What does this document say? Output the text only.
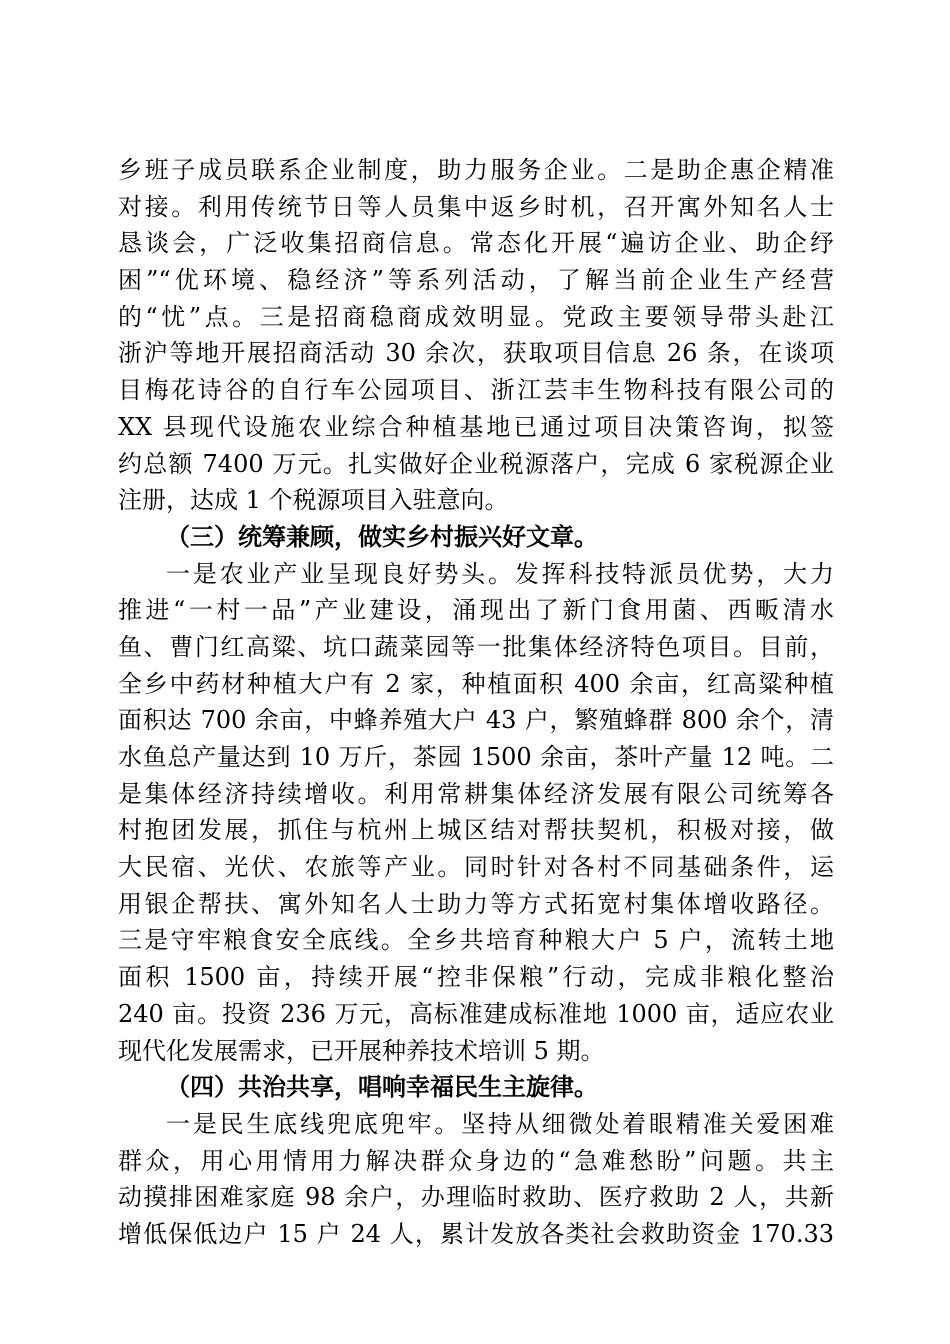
乡班子成员联系企业制度，助力服务企业。二是助企惠企精准
对接。利用传统节日等人员集中返乡时机，召开寓外知名人士
恳谈会，广泛收集招商信息。常态化开展“遍访企业、助企纾
困”“优环境、稳经济”等系列活动，了解当前企业生产经营
的“忧”点。三是招商稳商成效明显。党政主要领导带头赴江
浙沪等地开展招商活动 30 余次，获取项目信息 26 条，在谈项
目梅花诗谷的自行车公园项目、浙江芸丰生物科技有限公司的
XX 县现代设施农业综合种植基地已通过项目决策咨询，拟签
约总额 7400 万元。扎实做好企业税源落户，完成 6 家税源企业
注册，达成 1 个税源项目入驻意向。
（三）统筹兼顾，做实乡村振兴好文章。
一是农业产业呈现良好势头。发挥科技特派员优势，大力
推进“一村一品”产业建设，涌现出了新门食用菌、西畈清水
鱼、曹门红高粱、坑口蔬菜园等一批集体经济特色项目。目前，
全乡中药材种植大户有 2 家，种植面积 400 余亩，红高粱种植
面积达 700 余亩，中蜂养殖大户 43 户，繁殖蜂群 800 余个，清
水鱼总产量达到 10 万斤，茶园 1500 余亩，茶叶产量 12 吨。二
是集体经济持续增收。利用常耕集体经济发展有限公司统筹各
村抱团发展，抓住与杭州上城区结对帮扶契机，积极对接，做
大民宿、光伏、农旅等产业。同时针对各村不同基础条件，运
用银企帮扶、寓外知名人士助力等方式拓宽村集体增收路径。
三是守牢粮食安全底线。全乡共培育种粮大户 5 户，流转土地
面积 1500 亩，持续开展“控非保粮”行动，完成非粮化整治
240 亩。投资 236 万元，高标准建成标准地 1000 亩，适应农业
现代化发展需求，已开展种养技术培训 5 期。
（四）共治共享，唱响幸福民生主旋律。
一是民生底线兜底兜牢。坚持从细微处着眼精准关爱困难
群众，用心用情用力解决群众身边的“急难愁盼”问题。共主
动摸排困难家庭 98 余户，办理临时救助、医疗救助 2 人，共新
增低保低边户 15 户 24 人，累计发放各类社会救助资金 170.33
